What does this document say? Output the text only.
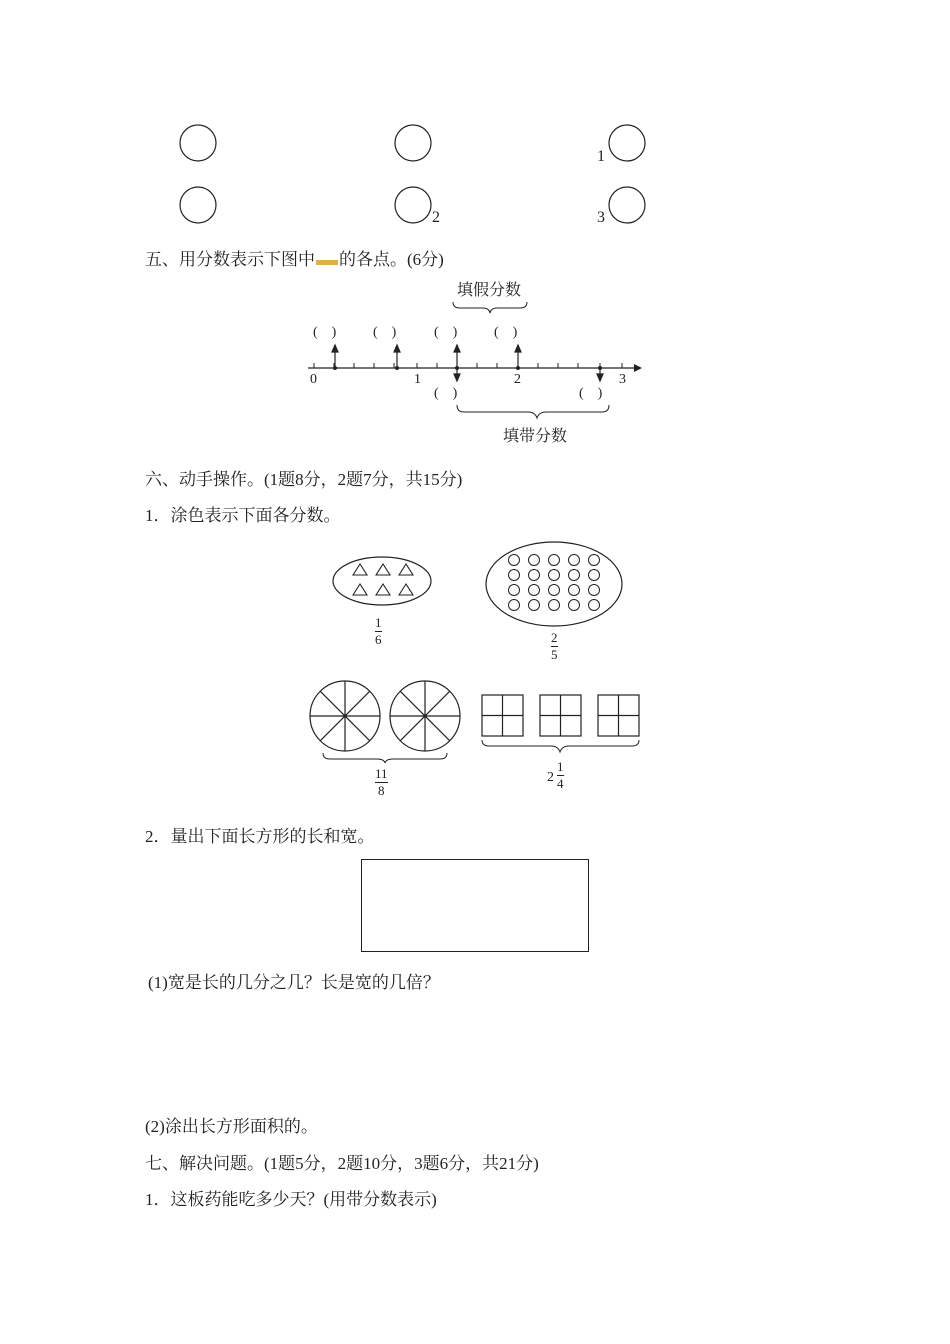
1
2	3
五、用分数表示下图中 的各点。(6分)
填假分数
(    )	(    )	(    )	(    )
0	1	2	3
(    )	(    )
填带分数
六、动手操作。(1题8分，2题7分，共15分)
1．涂色表示下面各分数。
1
6	2
5
11
8
2
1
4
2．量出下面长方形的长和宽。
(1)宽是长的几分之几？长是宽的几倍？
(2)涂出长方形面积的。
七、解决问题。(1题5分，2题10分，3题6分，共21分)
1．这板药能吃多少天？(用带分数表示)
